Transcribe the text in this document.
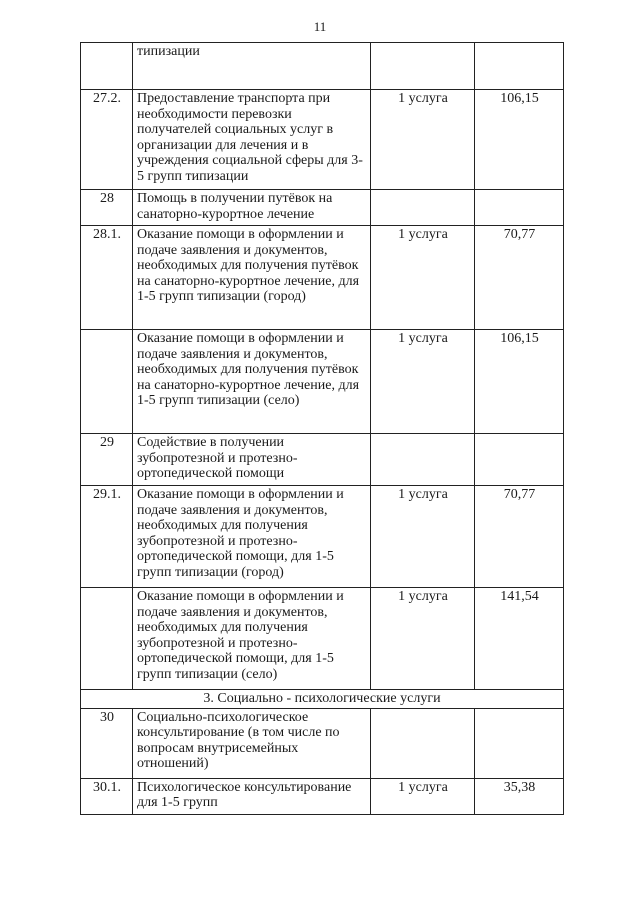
11
	типизации		
27.2.	Предоставление транспорта при необходимости перевозки получателей социальных услуг в организации для лечения и в учреждения социальной сферы для 3-5 групп типизации	1 услуга	106,15
28	Помощь в получении путёвок на санаторно-курортное лечение		
28.1.	Оказание помощи в оформлении и подаче заявления и документов, необходимых для получения путёвок на санаторно-курортное лечение, для 1-5 групп типизации (город)	1 услуга	70,77
	Оказание помощи в оформлении и подаче заявления и документов, необходимых для получения путёвок на санаторно-курортное лечение, для 1-5 групп типизации (село)	1 услуга	106,15
29	Содействие в получении зубопротезной и протезно-ортопедической помощи		
29.1.	Оказание помощи в оформлении и подаче заявления и документов, необходимых для получения зубопротезной и протезно-ортопедической помощи, для 1-5 групп типизации (город)	1 услуга	70,77
	Оказание помощи в оформлении и подаче заявления и документов, необходимых для получения зубопротезной и протезно-ортопедической помощи, для 1-5 групп типизации (село)	1 услуга	141,54
3. Социально - психологические услуги			
30	Социально-психологическое консультирование (в том числе по вопросам внутрисемейных отношений)		
30.1.	Психологическое консультирование для 1-5 групп	1 услуга	35,38
